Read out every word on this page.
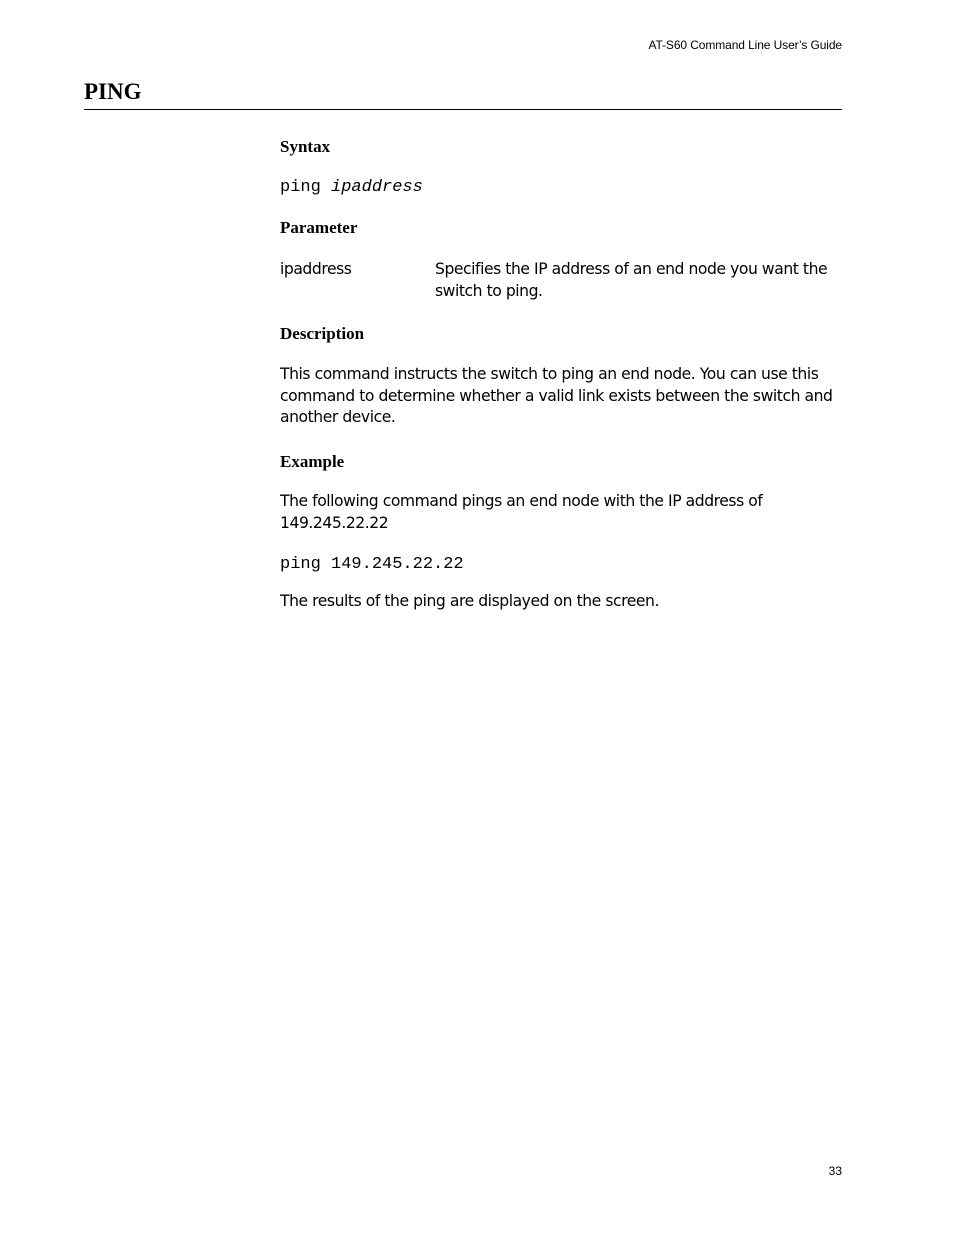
AT-S60 Command Line User’s Guide
PING
Syntax
ping ipaddress
Parameter

ipaddress	Specifies the IP address of an end node you want the switch to ping.

Description

This command instructs the switch to ping an end node. You can use this command to determine whether a valid link exists between the switch and another device.

Example

The following command pings an end node with the IP address of 149.245.22.22

ping 149.245.22.22

The results of the ping are displayed on the screen.

33
